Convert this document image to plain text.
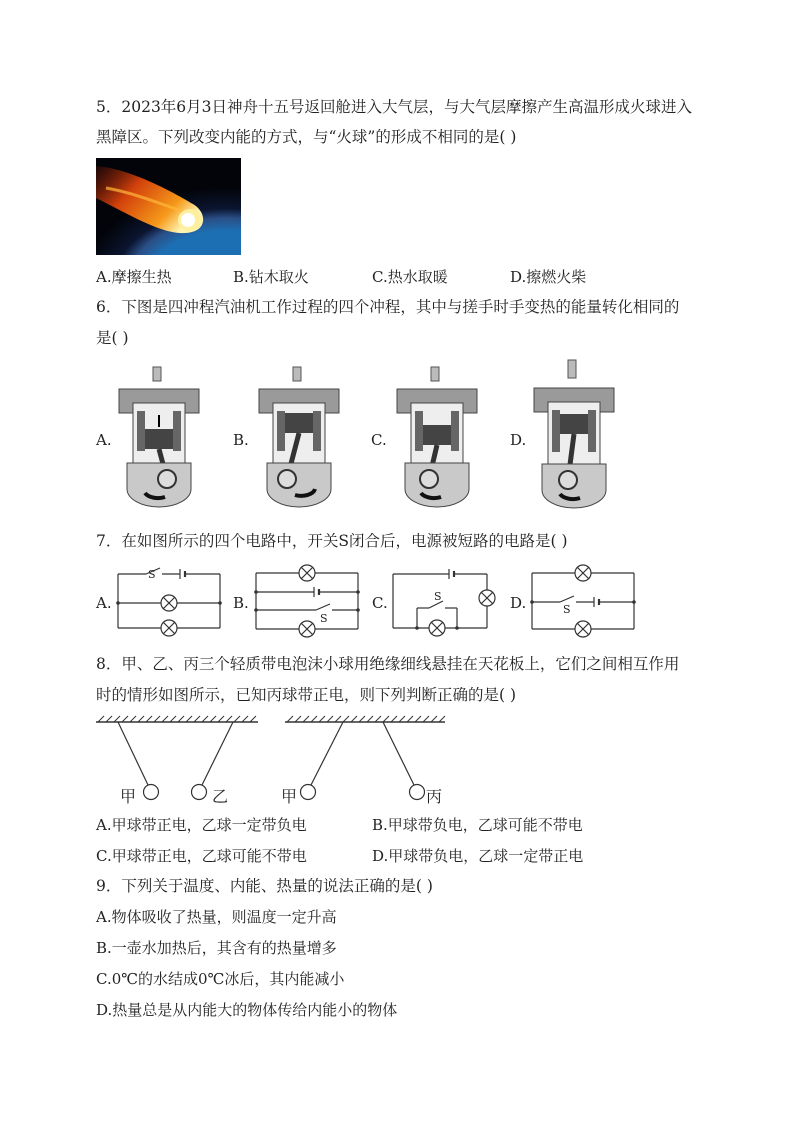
5．2023年6月3日神舟十五号返回舱进入大气层，与大气层摩擦产生高温形成火球进入
黑障区。下列改变内能的方式，与“火球”的形成不相同的是( )
A.摩擦生热	B.钻木取火	C.热水取暖	D.擦燃火柴
6．下图是四冲程汽油机工作过程的四个冲程，其中与搓手时手变热的能量转化相同的
是( )
A.	B.	C.	D.
7．在如图所示的四个电路中，开关S闭合后，电源被短路的电路是( )
A.	B.	C.	D.
S
S
S
S
8．甲、乙、丙三个轻质带电泡沫小球用绝缘细线悬挂在天花板上，它们之间相互作用
时的情形如图所示，已知丙球带正电，则下列判断正确的是( )
甲	乙	甲	丙
A.甲球带正电，乙球一定带负电	B.甲球带负电，乙球可能不带电
C.甲球带正电，乙球可能不带电	D.甲球带负电，乙球一定带正电
9．下列关于温度、内能、热量的说法正确的是( )
A.物体吸收了热量，则温度一定升高
B.一壶水加热后，其含有的热量增多
C.0℃的水结成0℃冰后，其内能减小
D.热量总是从内能大的物体传给内能小的物体
